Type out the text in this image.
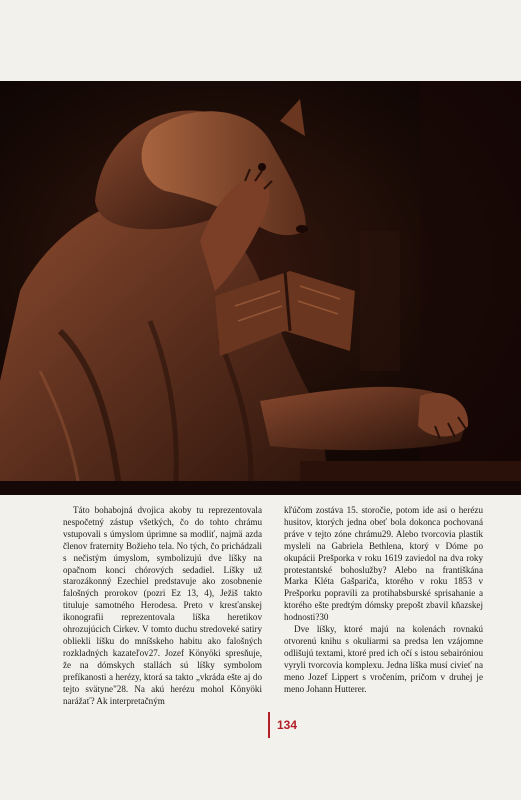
Táto bohabojná dvojica akoby tu reprezentovala nespočetný zástup všetkých, čo do tohto chrámu vstupovali s úmyslom úprimne sa modliť, najmä azda členov fraternity Božieho tela. No tých, čo prichádzali s nečistým úmyslom, symbolizujú dve líšky na opačnom konci chórových sedadiel. Líšky už starozákonný Ezechiel predstavuje ako zosobnenie falošných prorokov (pozri Ez 13, 4), Ježiš takto tituluje samotného Herodesa. Preto v kresťanskej ikonografii reprezentovala líška heretikov ohrozujúcich Cirkev. V tomto duchu stredoveké satiry obliekli líšku do mníšskeho habitu ako falošných rozkladných kazateľov27. Jozef Könyöki spresňuje, že na dómskych stallách sú líšky symbolom prefíkanosti a herézy, ktorá sa takto „vkráda ešte aj do tejto svätyne"28. Na akú herézu mohol Könyöki narážať? Ak interpretačným

kľúčom zostáva 15. storočie, potom ide asi o herézu husitov, ktorých jedna obeť bola dokonca pochovaná práve v tejto zóne chrámu29. Alebo tvorcovia plastík mysleli na Gabriela Bethlena, ktorý v Dóme po okupácii Prešporka v roku 1619 zaviedol na dva roky protestantské bohoslužby? Alebo na františkána Marka Kléta Gašpariča, ktorého v roku 1853 v Prešporku popravili za protihabsburské sprisahanie a ktorého ešte predtým dómsky prepošt zbavil kňazskej hodnosti?30

Dve líšky, ktoré majú na kolenách rovnakú otvorenú knihu s okuliarmi sa predsa len vzájomne odlišujú textami, ktoré pred ich očí s istou sebairóniou vyryli tvorcovia komplexu. Jedna líška musí civieť na meno Jozef Lippert s vročením, pričom v druhej je meno Johann Hutterer.

134
